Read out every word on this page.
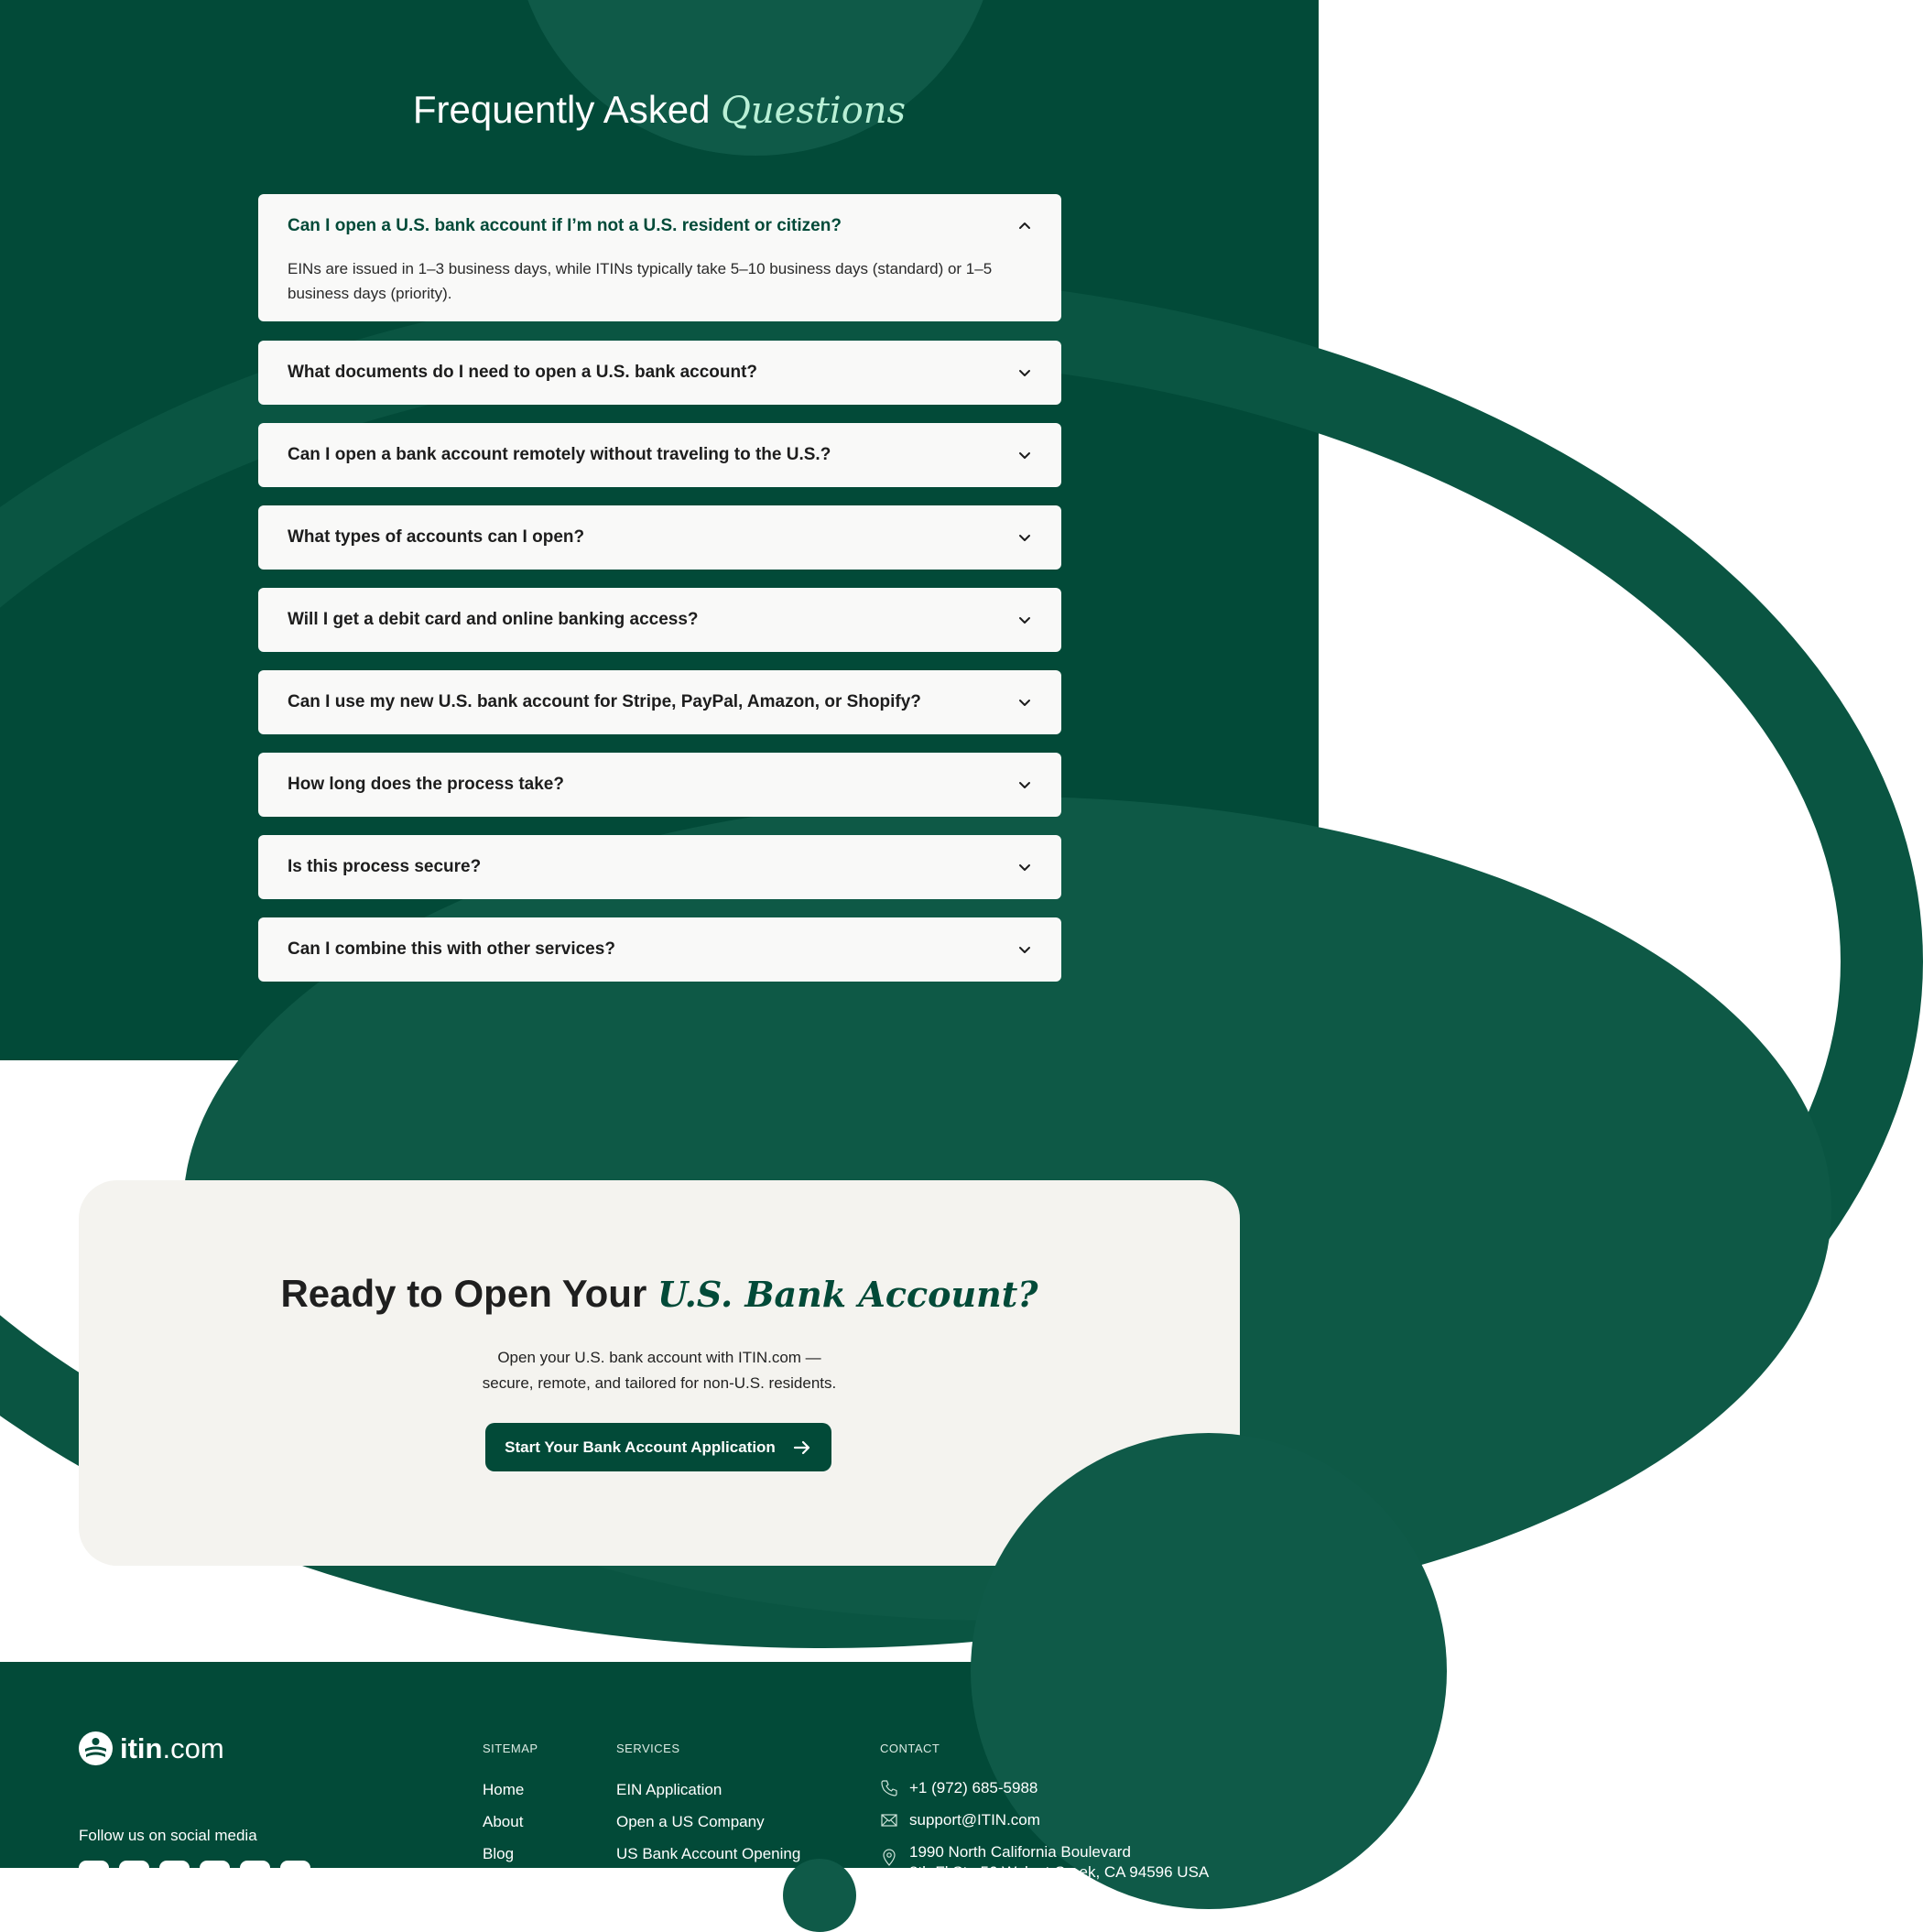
Frequently Asked Questions
Can I open a U.S. bank account if I’m not a U.S. resident or citizen?
EINs are issued in 1–3 business days, while ITINs typically take 5–10 business days (standard) or 1–5 business days (priority).
What documents do I need to open a U.S. bank account?
Can I open a bank account remotely without traveling to the U.S.?
What types of accounts can I open?
Will I get a debit card and online banking access?
Can I use my new U.S. bank account for Stripe, PayPal, Amazon, or Shopify?
How long does the process take?
Is this process secure?
Can I combine this with other services?
Ready to Open Your U.S. Bank Account?

Open your U.S. bank account with ITIN.com —
secure, remote, and tailored for non-U.S. residents.

Start Your Bank Account Application
itin.com
Follow us on social media
SITEMAP
Home
About
Blog
SERVICES
EIN Application
Open a US Company
US Bank Account Opening
CONTACT
+1 (972) 685-5988
support@ITIN.com
1990 North California Boulevard
8th Fl Ste 56 Walnut Creek, CA 94596 USA
